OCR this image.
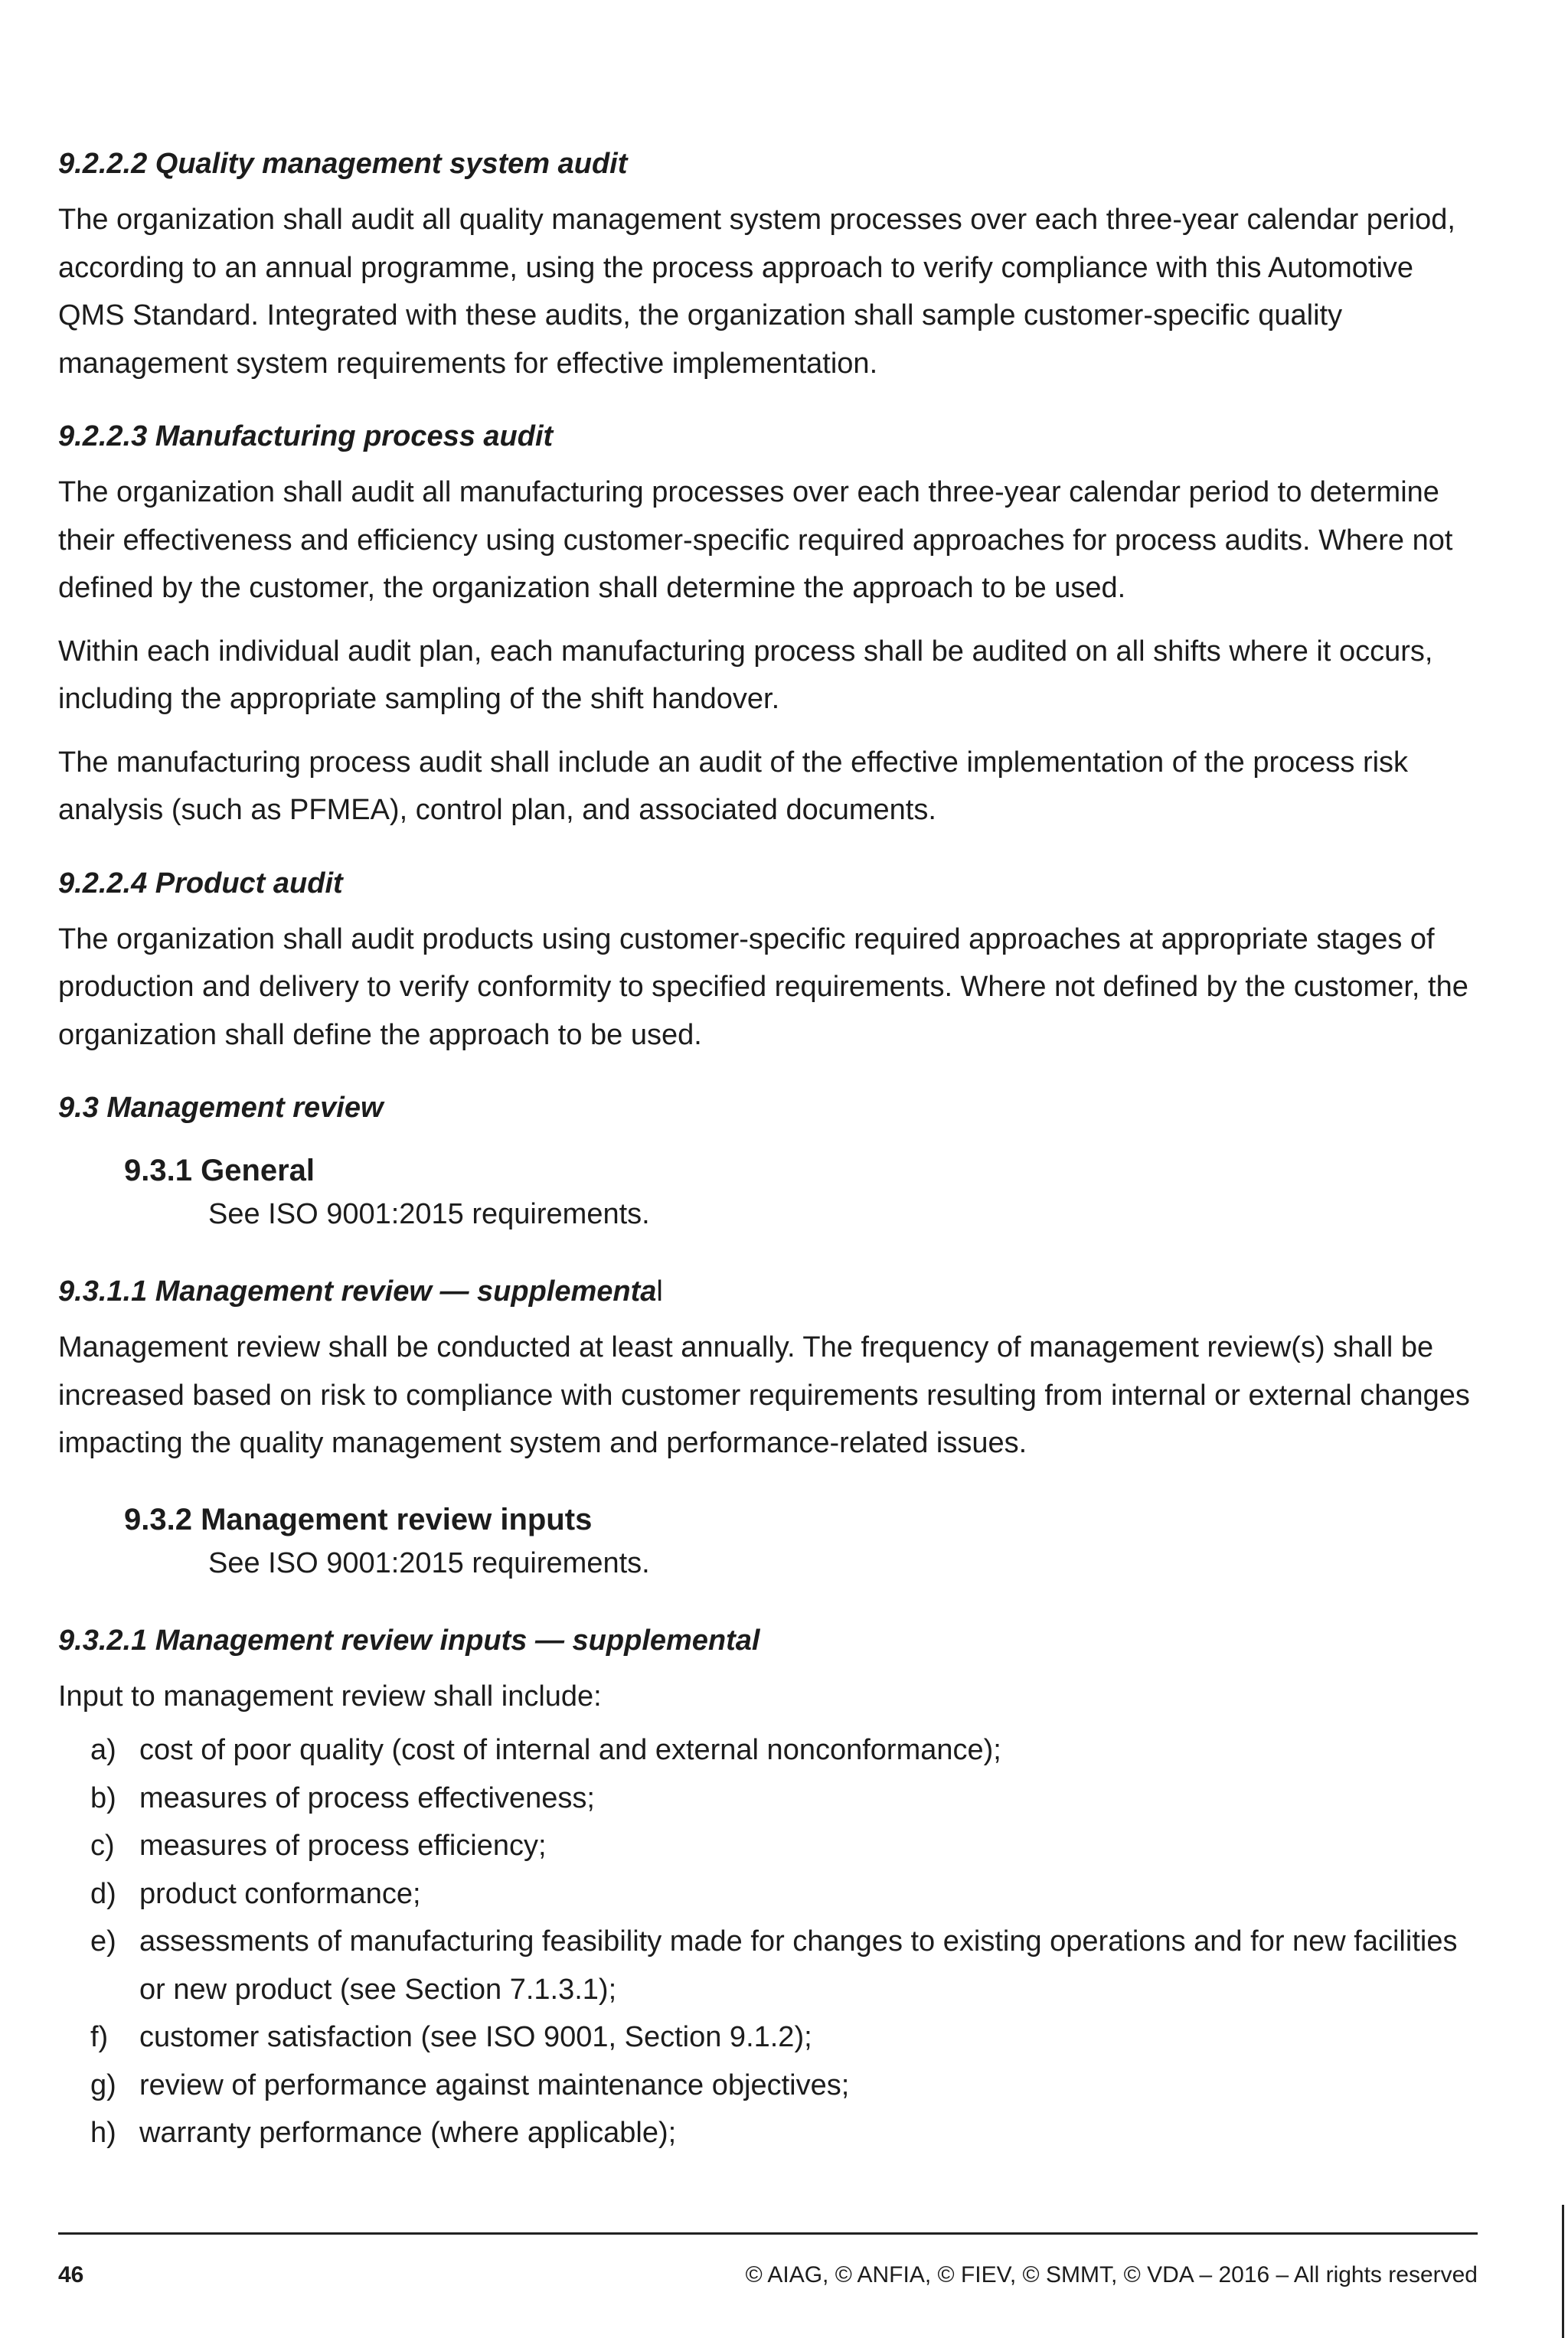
9.2.2.2 Quality management system audit

The organization shall audit all quality management system processes over each three-year calendar period, according to an annual programme, using the process approach to verify compliance with this Automotive QMS Standard. Integrated with these audits, the organization shall sample customer-specific quality management system requirements for effective implementation.

9.2.2.3 Manufacturing process audit

The organization shall audit all manufacturing processes over each three-year calendar period to determine their effectiveness and efficiency using customer-specific required approaches for process audits. Where not defined by the customer, the organization shall determine the approach to be used.

Within each individual audit plan, each manufacturing process shall be audited on all shifts where it occurs, including the appropriate sampling of the shift handover.

The manufacturing process audit shall include an audit of the effective implementation of the process risk analysis (such as PFMEA), control plan, and associated documents.

9.2.2.4 Product audit

The organization shall audit products using customer-specific required approaches at appropriate stages of production and delivery to verify conformity to specified requirements. Where not defined by the customer, the organization shall define the approach to be used.

9.3 Management review
9.3.1 General
See ISO 9001:2015 requirements.
9.3.1.1 Management review — supplemental

Management review shall be conducted at least annually. The frequency of management review(s) shall be increased based on risk to compliance with customer requirements resulting from internal or external changes impacting the quality management system and performance-related issues.

9.3.2 Management review inputs
See ISO 9001:2015 requirements.
9.3.2.1 Management review inputs — supplemental

Input to management review shall include:

a) cost of poor quality (cost of internal and external nonconformance);
b) measures of process effectiveness;
c) measures of process efficiency;
d) product conformance;
e) assessments of manufacturing feasibility made for changes to existing operations and for new facilities or new product (see Section 7.1.3.1);
f)	customer satisfaction (see ISO 9001, Section 9.1.2);
g) review of performance against maintenance objectives;
h) warranty performance (where applicable);
46	© AIAG, © ANFIA, © FIEV, © SMMT, © VDA – 2016 – All rights reserved
